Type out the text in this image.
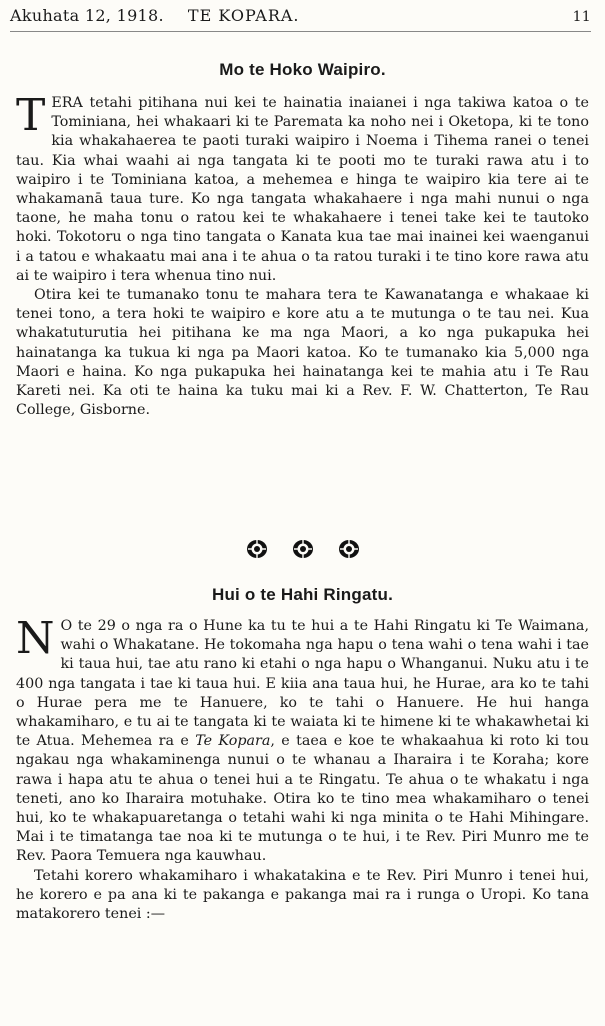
Akuhata 12, 1918.	TE KOPARA.	11
Mo te Hoko Waipiro.

TERA tetahi pitihana nui kei te hainatia inaianei i nga takiwa katoa o te Tominiana, hei whakaari ki te Paremata ka noho nei i Oketopa, ki te tono kia whakahaerea te paoti turaki waipiro i Noema i Tihema ranei o tenei tau. Kia whai waahi ai nga tangata ki te pooti mo te turaki rawa atu i to waipiro i te Tominiana katoa, a mehemea e hinga te waipiro kia tere ai te whakamanā taua ture. Ko nga tangata whakahaere i nga mahi nunui o nga taone, he maha tonu o ratou kei te whakahaere i tenei take kei te tautoko hoki. Tokotoru o nga tino tangata o Kanata kua tae mai inainei kei waenganui i a tatou e whakaatu mai ana i te ahua o ta ratou turaki i te tino kore rawa atu ai te waipiro i tera whenua tino nui.

Otira kei te tumanako tonu te mahara tera te Kawanatanga e whakaae ki tenei tono, a tera hoki te waipiro e kore atu a te mutunga o te tau nei. Kua whakatuturutia hei pitihana ke ma nga Maori, a ko nga pukapuka hei hainatanga ka tukua ki nga pa Maori katoa. Ko te tumanako kia 5,000 nga Maori e haina. Ko nga pukapuka hei hainatanga kei te mahia atu i Te Rau Kareti nei. Ka oti te haina ka tuku mai ki a Rev. F. W. Chatterton, Te Rau College, Gisborne.

Hui o te Hahi Ringatu.

N O te 29 o nga ra o Hune ka tu te hui a te Hahi Ringatu ki Te Waimana, wahi o Whakatane. He tokomaha nga hapu o tena wahi o tena wahi i tae ki taua hui, tae atu rano ki etahi o nga hapu o Whanganui. Nuku atu i te 400 nga tangata i tae ki taua hui. E kiia ana taua hui, he Hurae, ara ko te tahi o Hurae pera me te Hanuere, ko te tahi o Hanuere. He hui hanga whakamiharo, e tu ai te tangata ki te waiata ki te himene ki te whakawhetai ki te Atua. Mehemea ra e Te Kopara, e taea e koe te whakaahua ki roto ki tou ngakau nga whakaminenga nunui o te whanau a Iharaira i te Koraha; kore rawa i hapa atu te ahua o tenei hui a te Ringatu. Te ahua o te whakatu i nga teneti, ano ko Iharaira motuhake. Otira ko te tino mea whakamiharo o tenei hui, ko te whakapuaretanga o tetahi wahi ki nga minita o te Hahi Mihingare. Mai i te timatanga tae noa ki te mutunga o te hui, i te Rev. Piri Munro me te Rev. Paora Temuera nga kauwhau.

Tetahi korero whakamiharo i whakatakina e te Rev. Piri Munro i tenei hui, he korero e pa ana ki te pakanga e pakanga mai ra i runga o Uropi. Ko tana matakorero tenei :—
